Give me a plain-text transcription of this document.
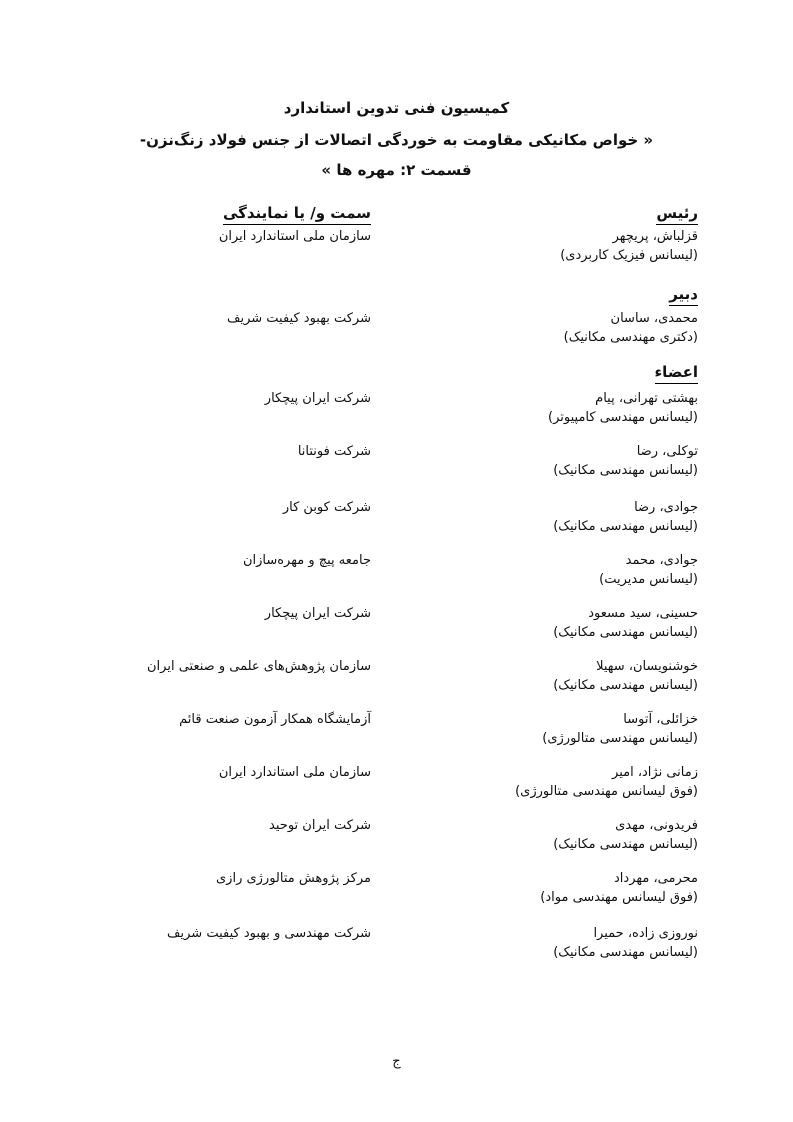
کمیسیون فنی تدوین استاندارد
« خواص مکانیکی مقاومت به خوردگی اتصالات از جنس فولاد زنگ‌نزن-
قسمت ۲: مهره ها »
رئیس
سمت و/ یا نمایندگی
قزلباش، پریچهر
(لیسانس فیزیک کاربردی)
سازمان ملی استاندارد ایران
دبیر
محمدی، ساسان
(دکتری مهندسی مکانیک)
شرکت بهبود کیفیت شریف
اعضاء
بهشتی تهرانی، پیام
(لیسانس مهندسی کامپیوتر)
شرکت ایران پیچکار
توکلی، رضا
(لیسانس مهندسی مکانیک)
شرکت فونتانا
جوادی، رضا
(لیسانس مهندسی مکانیک)
شرکت کوبن کار
جوادی، محمد
(لیسانس مدیریت)
جامعه پیچ و مهره‌سازان
حسینی، سید مسعود
(لیسانس مهندسی مکانیک)
شرکت ایران پیچکار
خوشنویسان، سهیلا
(لیسانس مهندسی مکانیک)
سازمان پژوهش‌های علمی و صنعتی ایران
خزائلی، آتوسا
(لیسانس مهندسی متالورژی)
آزمایشگاه همکار آزمون صنعت قائم
زمانی نژاد، امیر
(فوق لیسانس مهندسی متالورژی)
سازمان ملی استاندارد ایران
فریدونی، مهدی
(لیسانس مهندسی مکانیک)
شرکت ایران توحید
محرمی، مهرداد
(فوق لیسانس مهندسی مواد)
مرکز پژوهش متالورژی رازی
نوروزی زاده، حمیرا
(لیسانس مهندسی مکانیک)
شرکت مهندسی و بهبود کیفیت شریف
ج
